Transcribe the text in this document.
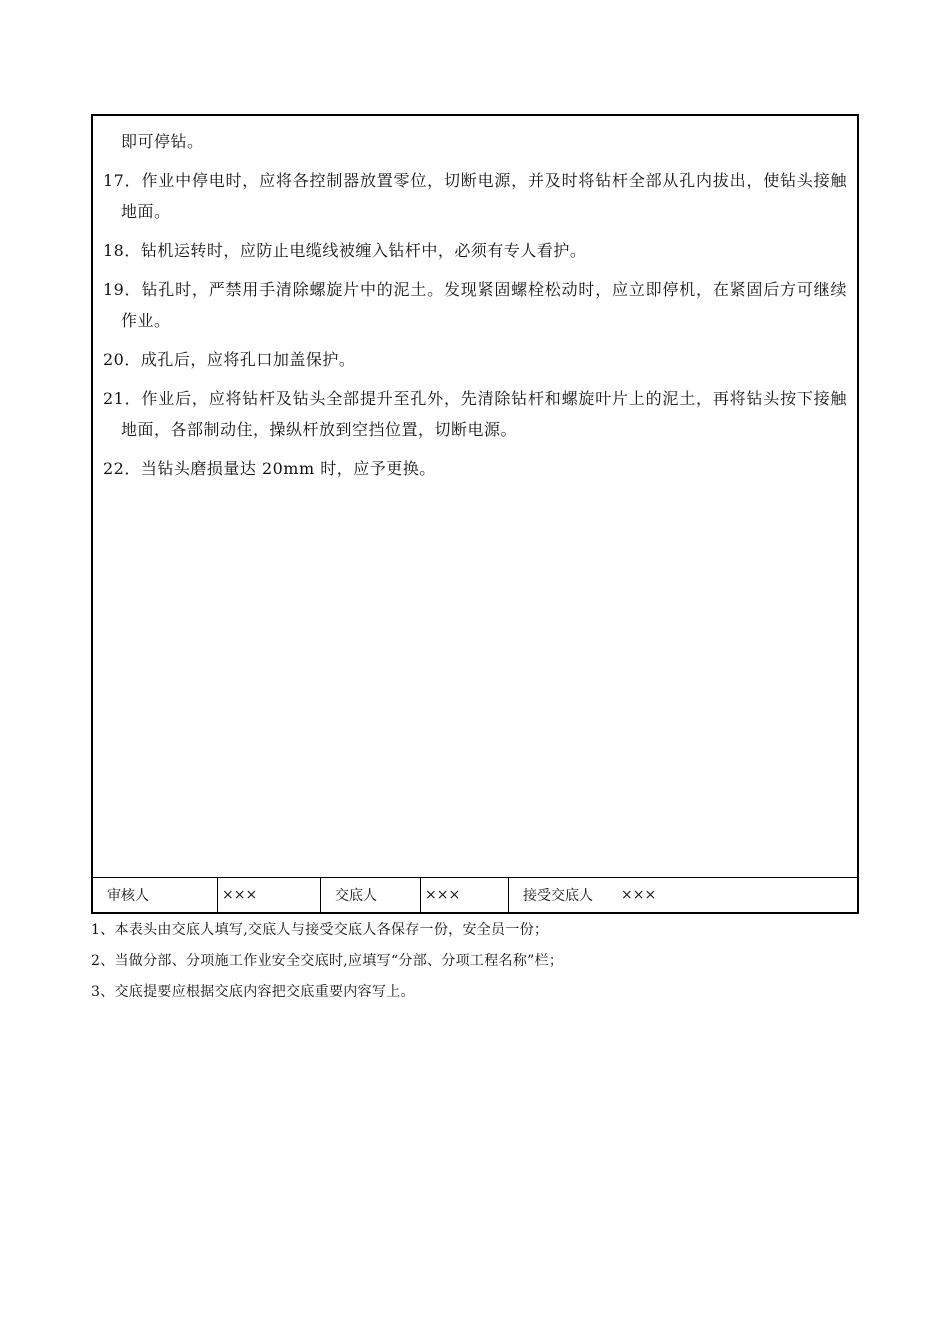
即可停钻。

17．作业中停电时，应将各控制器放置零位，切断电源，并及时将钻杆全部从孔内拔出，使钻头接触地面。

18．钻机运转时，应防止电缆线被缠入钻杆中，必须有专人看护。

19．钻孔时，严禁用手清除螺旋片中的泥土。发现紧固螺栓松动时，应立即停机，在紧固后方可继续作业。

20．成孔后，应将孔口加盖保护。

21．作业后，应将钻杆及钻头全部提升至孔外，先清除钻杆和螺旋叶片上的泥土，再将钻头按下接触地面，各部制动住，操纵杆放到空挡位置，切断电源。

22．当钻头磨损量达 20mm 时，应予更换。

审核人	×××	交底人	×××	接受交底人 ×××

1、本表头由交底人填写,交底人与接受交底人各保存一份，安全员一份；

2、当做分部、分项施工作业安全交底时,应填写“分部、分项工程名称”栏；

3、交底提要应根据交底内容把交底重要内容写上。
